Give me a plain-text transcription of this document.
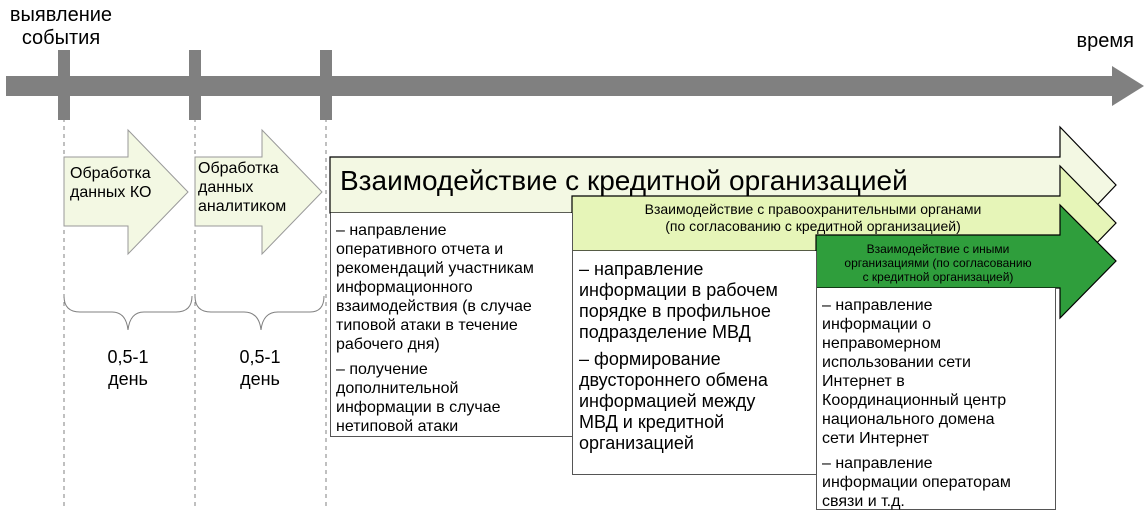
выявление
события	время
Обработка
данных КО
Обработка
данных
аналитиком
0,5-1
день
0,5-1
день
Взаимодействие с кредитной организацией
Взаимодействие с правоохранительными органами
(по согласованию с кредитной организацией)
Взаимодействие с иными
организациями (по согласованию
с кредитной организацией)

– направление
оперативного отчета и
рекомендаций участникам
информационного
взаимодействия (в случае
типовой атаки в течение
рабочего дня)

– получение
дополнительной
информации в случае
нетиповой атаки

– направление
информации в рабочем
порядке в профильное
подразделение МВД

– формирование
двустороннего обмена
информацией между
МВД и кредитной
организацией

– направление
информации о
неправомерном
использовании сети
Интернет в
Координационный центр
национального домена
сети Интернет

– направление
информации операторам
связи и т.д.
